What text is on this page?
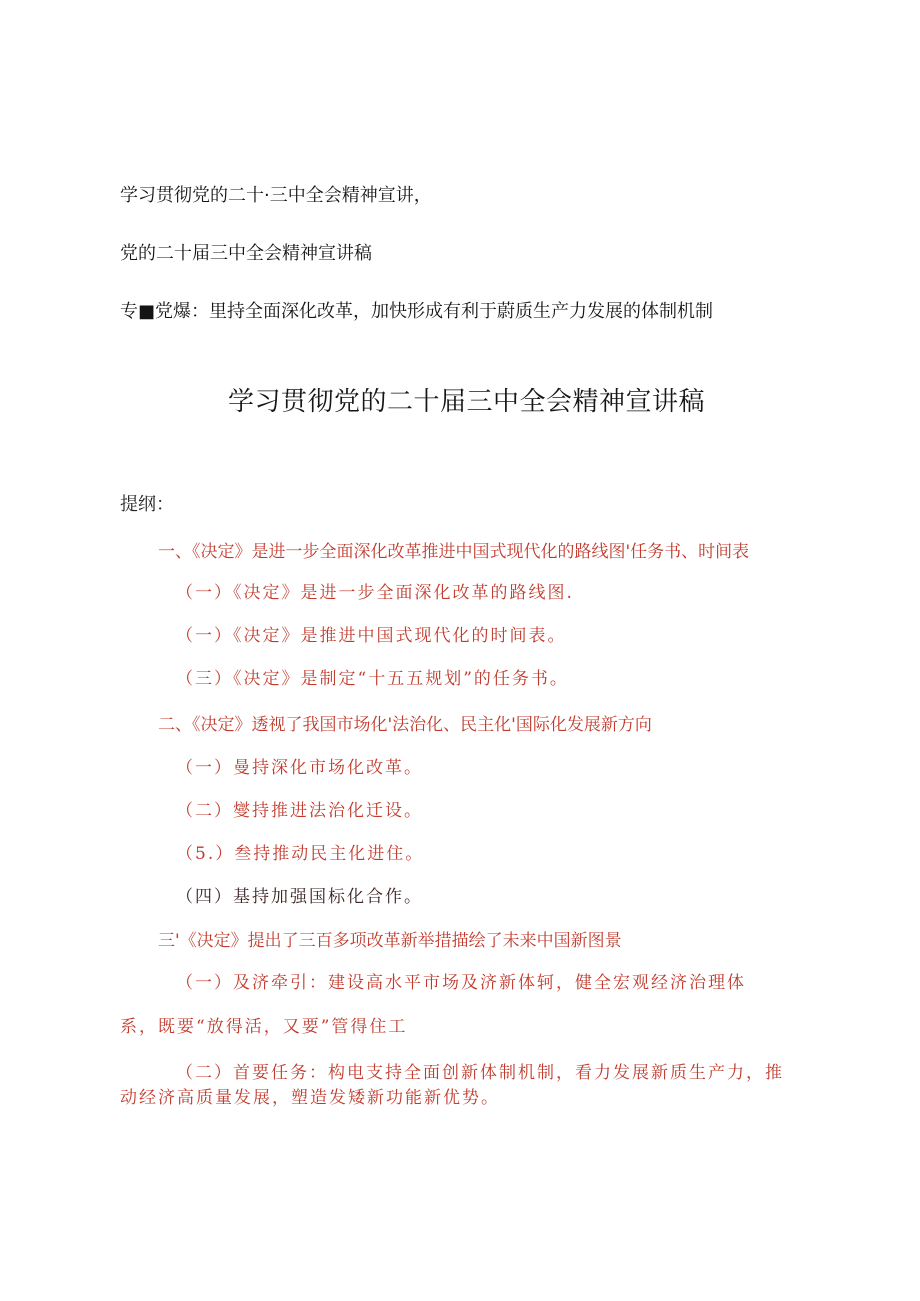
学习贯彻党的二十·三中全会精神宣讲，

党的二十届三中全会精神宣讲稿

专■党爆：里持全面深化改革，加快形成有利于蔚质生产力发展的体制机制

学习贯彻党的二十届三中全会精神宣讲稿

提纲：

一、《决定》是进一步全面深化改革推进中国式现代化的路线图'任务书、时间表

（一）《决定》是进一步全面深化改革的路线图.

（一）《决定》是推进中国式现代化的时间表。

（三）《决定》是制定“十五五规划”的任务书。

二、《决定》透视了我国市场化'法治化、民主化'国际化发展新方向

（一）曼持深化市场化改革。

（二）燮持推进法治化迁设。

（5.）叁持推动民主化进住。

（四）基持加强国标化合作。

三'《决定》提出了三百多项改革新举措描绘了未来中国新图景

（一）及济牵引：建设高水平市场及济新体轲，健全宏观经济治理体

系，既要“放得活，又要”管得住工

（二）首要任务：构电支持全面创新体制机制，看力发展新质生产力，推

动经济高质量发展，塑造发矮新功能新优势。
